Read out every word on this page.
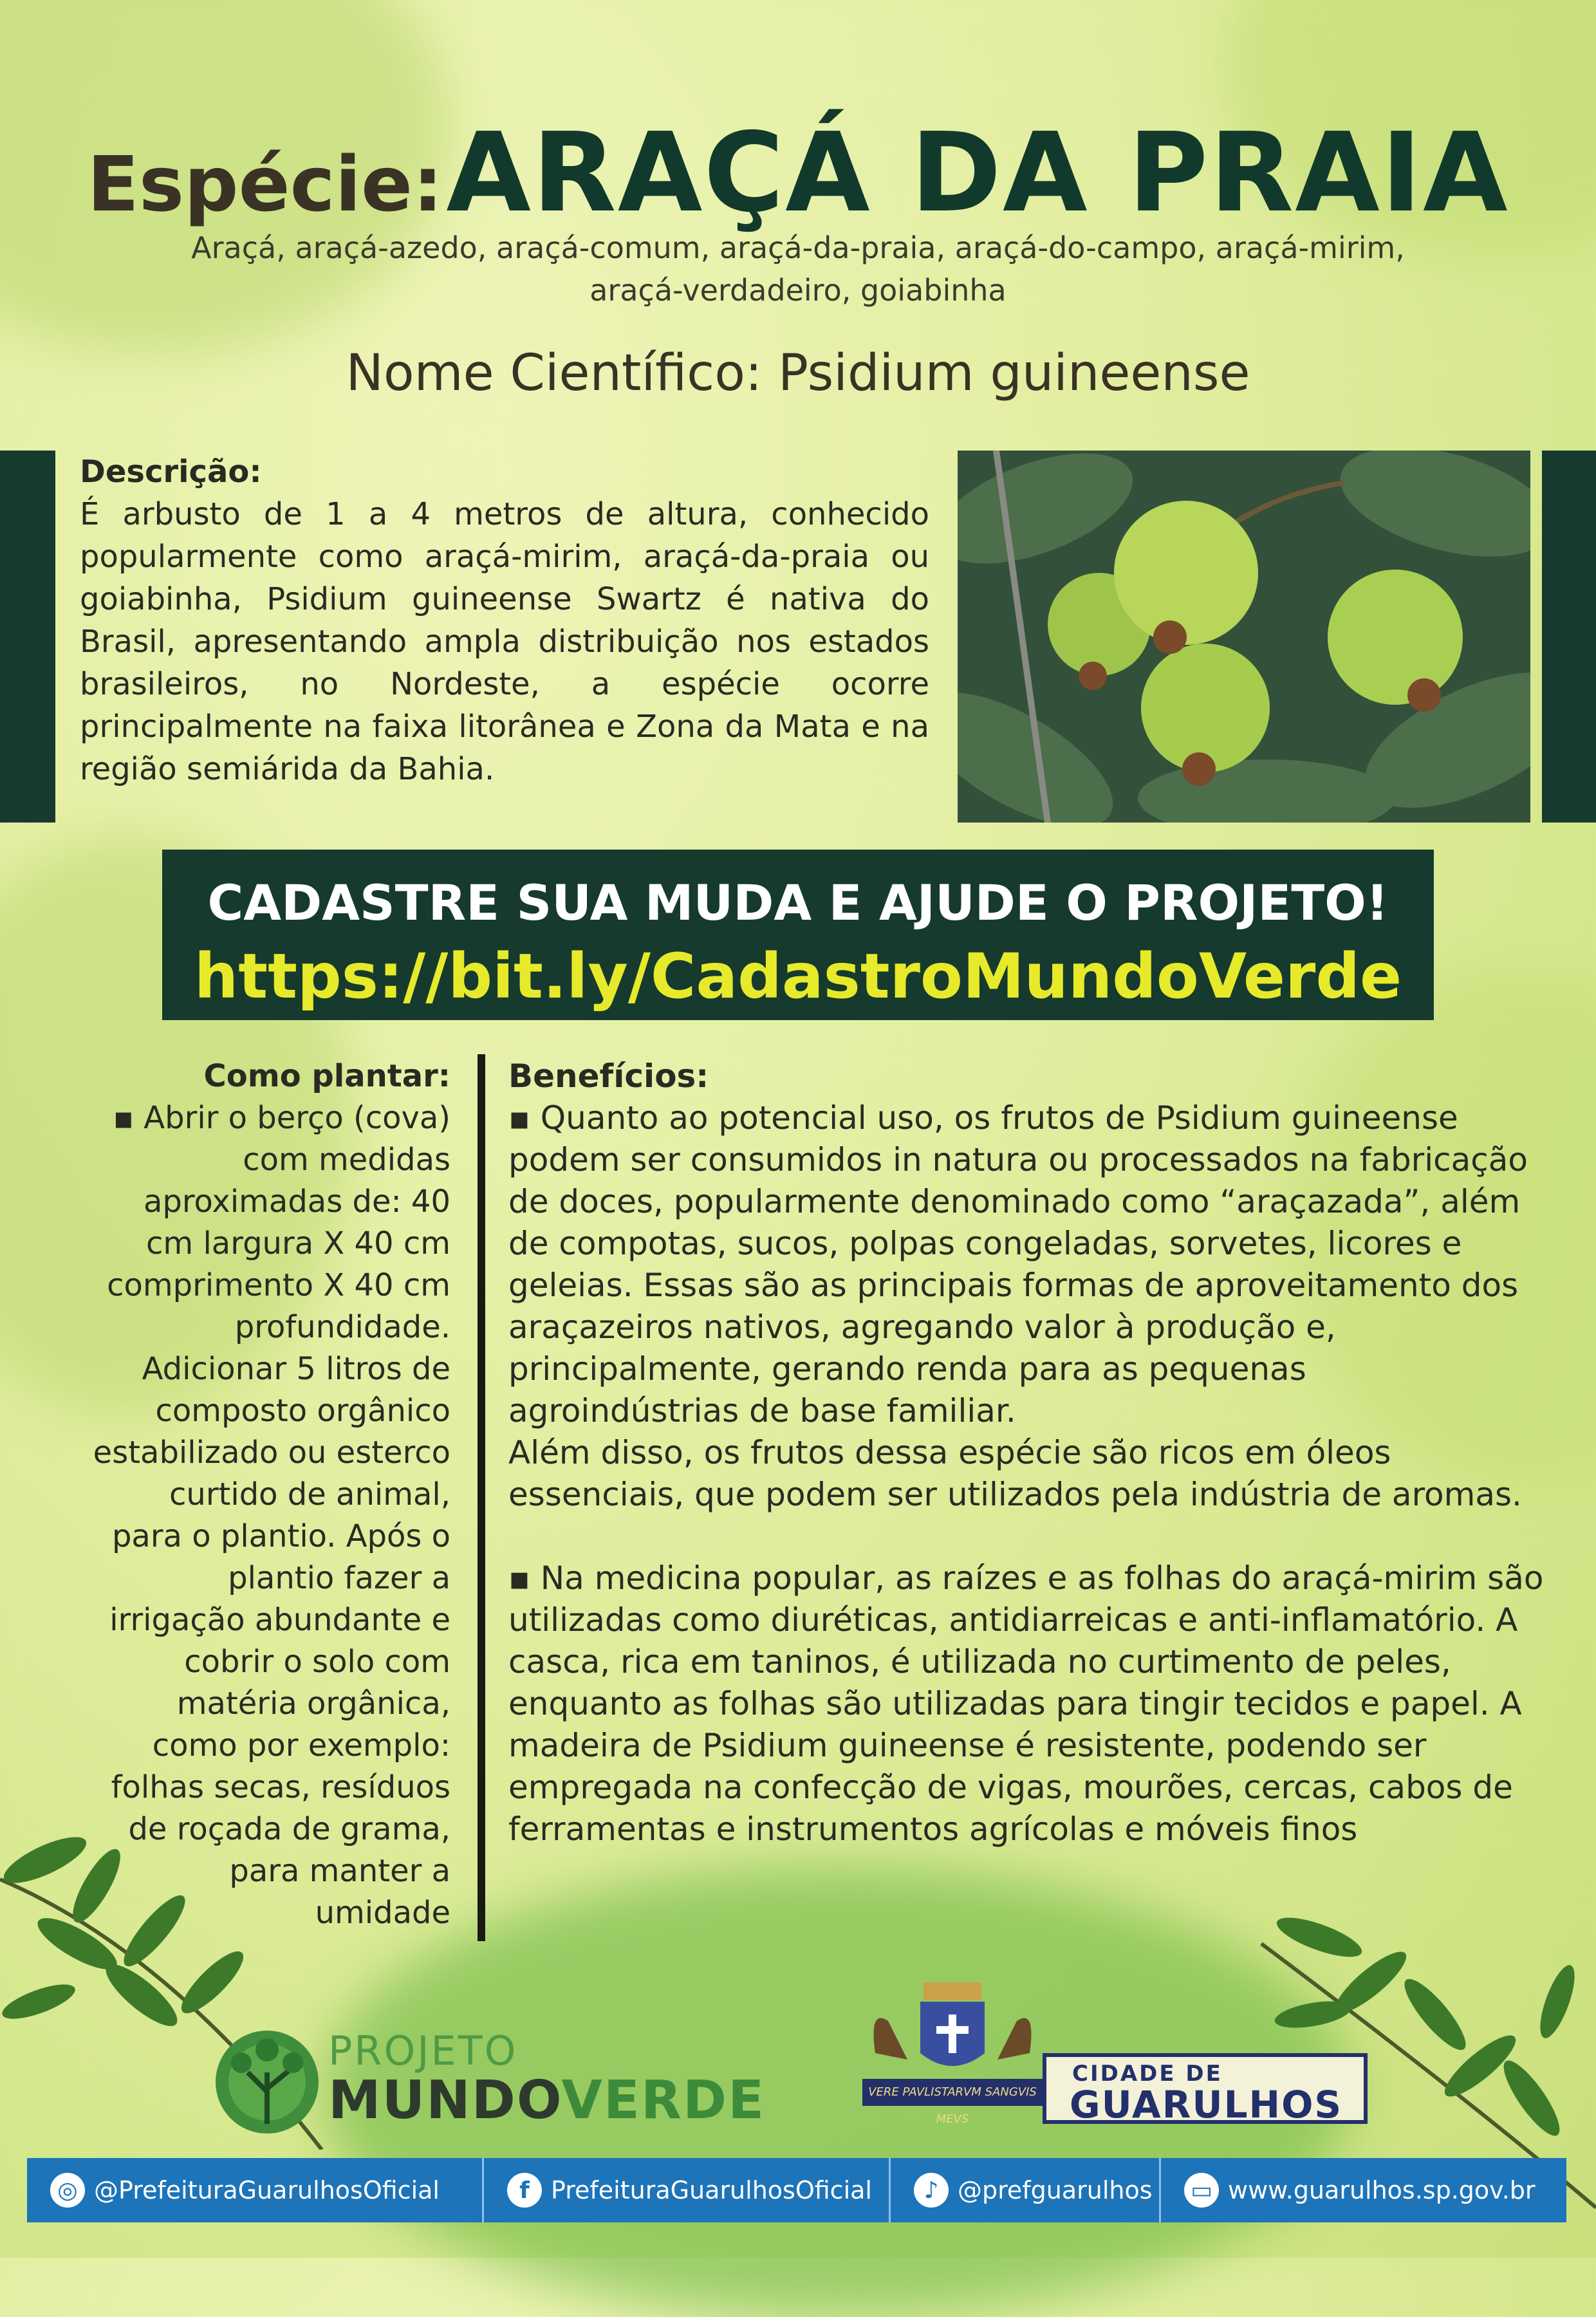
Espécie: ARAÇÁ DA PRAIA
Araçá, araçá-azedo, araçá-comum, araçá-da-praia, araçá-do-campo, araçá-mirim,
araçá-verdadeiro, goiabinha
Nome Científico: Psidium guineense
Descrição:
É arbusto de 1 a 4 metros de altura, conhecido popularmente como araçá-mirim, araçá-da-praia ou goiabinha, Psidium guineense Swartz é nativa do Brasil, apresentando ampla distribuição nos estados brasileiros, no Nordeste, a espécie ocorre principalmente na faixa litorânea e Zona da Mata e na região semiárida da Bahia.
CADASTRE SUA MUDA E AJUDE O PROJETO!
https://bit.ly/CadastroMundoVerde
Como plantar:
▪ Abrir o berço (cova)
com medidas
aproximadas de: 40
cm largura X 40 cm
comprimento X 40 cm
profundidade.
Adicionar 5 litros de
composto orgânico
estabilizado ou esterco
curtido de animal,
para o plantio. Após o
plantio fazer a
irrigação abundante e
cobrir o solo com
matéria orgânica,
como por exemplo:
folhas secas, resíduos
de roçada de grama,
para manter a
umidade
Benefícios:

▪ Quanto ao potencial uso, os frutos de Psidium guineense podem ser consumidos in natura ou processados na fabricação de doces, popularmente denominado como “araçazada”, além de compotas, sucos, polpas congeladas, sorvetes, licores e geleias. Essas são as principais formas de aproveitamento dos araçazeiros nativos, agregando valor à produção e, principalmente, gerando renda para as pequenas agroindústrias de base familiar.

Além disso, os frutos dessa espécie são ricos em óleos essenciais, que podem ser utilizados pela indústria de aromas.

▪ Na medicina popular, as raízes e as folhas do araçá-mirim são utilizadas como diuréticas, antidiarreicas e anti-inflamatório. A casca, rica em taninos, é utilizada no curtimento de peles, enquanto as folhas são utilizadas para tingir tecidos e papel. A madeira de Psidium guineense é resistente, podendo ser empregada na confecção de vigas, mourões, cercas, cabos de ferramentas e instrumentos agrícolas e móveis finos

PROJETO
MUNDOVERDE	VERE PAVLISTARVM SANGVIS MEVS
CIDADE DE
GUARULHOS
◎ @PrefeituraGuarulhosOficial	f PrefeituraGuarulhosOficial	♪ @prefguarulhos ▭ www.guarulhos.sp.gov.br
